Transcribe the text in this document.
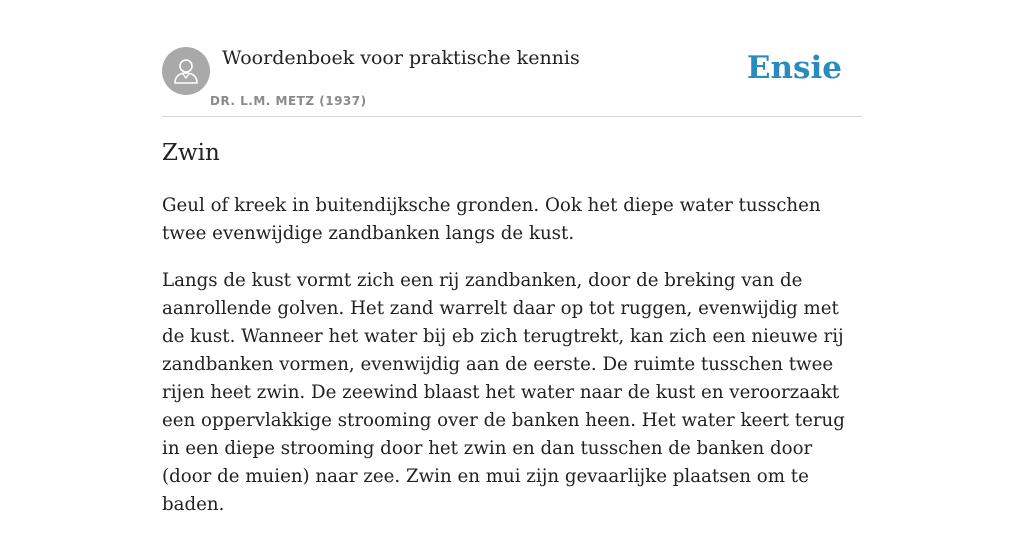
Woordenboek voor praktische kennis
DR. L.M. METZ (1937)
Ensie
Zwin

Geul of kreek in buitendijksche gronden. Ook het diepe water tusschen twee evenwijdige zandbanken langs de kust.

Langs de kust vormt zich een rij zandbanken, door de breking van de aanrollende golven. Het zand warrelt daar op tot ruggen, evenwijdig met de kust. Wanneer het water bij eb zich terugtrekt, kan zich een nieuwe rij zandbanken vormen, evenwijdig aan de eerste. De ruimte tusschen twee rijen heet zwin. De zeewind blaast het water naar de kust en veroorzaakt een oppervlakkige strooming over de banken heen. Het water keert terug in een diepe strooming door het zwin en dan tusschen de banken door (door de muien) naar zee. Zwin en mui zijn gevaarlijke plaatsen om te baden.
